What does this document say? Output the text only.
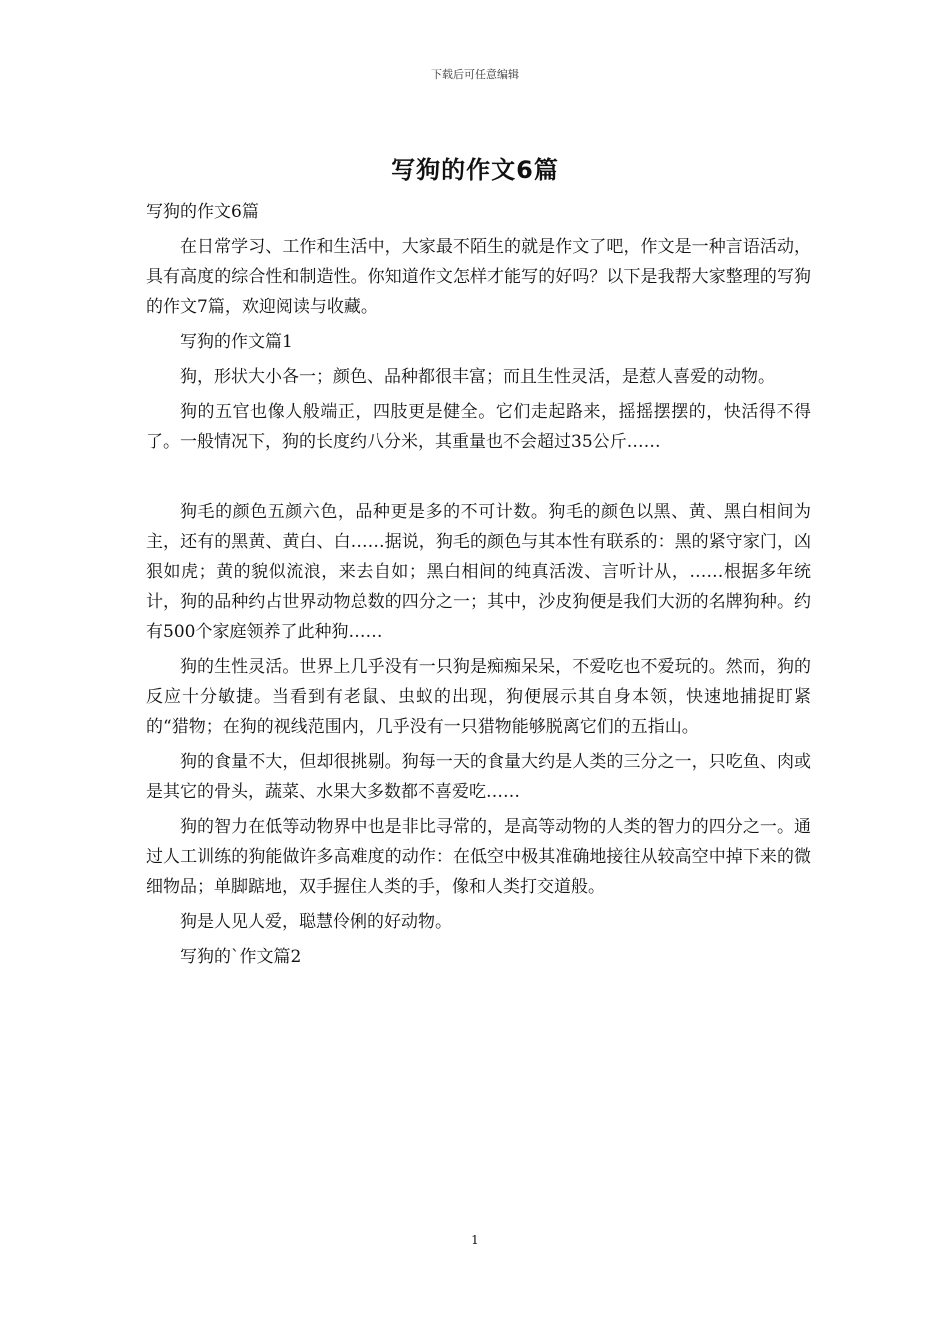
下载后可任意编辑
写狗的作文6篇

写狗的作文6篇

在日常学习、工作和生活中，大家最不陌生的就是作文了吧，作文是一种言语活动，具有高度的综合性和制造性。你知道作文怎样才能写的好吗？以下是我帮大家整理的写狗的作文7篇，欢迎阅读与收藏。

写狗的作文篇1

狗，形状大小各一；颜色、品种都很丰富；而且生性灵活，是惹人喜爱的动物。

狗的五官也像人般端正，四肢更是健全。它们走起路来，摇摇摆摆的，快活得不得了。一般情况下，狗的长度约八分米，其重量也不会超过35公斤……

狗毛的颜色五颜六色，品种更是多的不可计数。狗毛的颜色以黑、黄、黑白相间为主，还有的黑黄、黄白、白……据说，狗毛的颜色与其本性有联系的：黑的紧守家门，凶狠如虎；黄的貌似流浪，来去自如；黑白相间的纯真活泼、言听计从，……根据多年统计，狗的品种约占世界动物总数的四分之一；其中，沙皮狗便是我们大沥的名牌狗种。约有500个家庭领养了此种狗……

狗的生性灵活。世界上几乎没有一只狗是痴痴呆呆，不爱吃也不爱玩的。然而，狗的反应十分敏捷。当看到有老鼠、虫蚁的出现，狗便展示其自身本领，快速地捕捉盯紧的“猎物；在狗的视线范围内，几乎没有一只猎物能够脱离它们的五指山。

狗的食量不大，但却很挑剔。狗每一天的食量大约是人类的三分之一，只吃鱼、肉或是其它的骨头，蔬菜、水果大多数都不喜爱吃……

狗的智力在低等动物界中也是非比寻常的，是高等动物的人类的智力的四分之一。通过人工训练的狗能做许多高难度的动作：在低空中极其准确地接往从较高空中掉下来的微细物品；单脚踮地，双手握住人类的手，像和人类打交道般。

狗是人见人爱，聪慧伶俐的好动物。

写狗的`作文篇2

1
